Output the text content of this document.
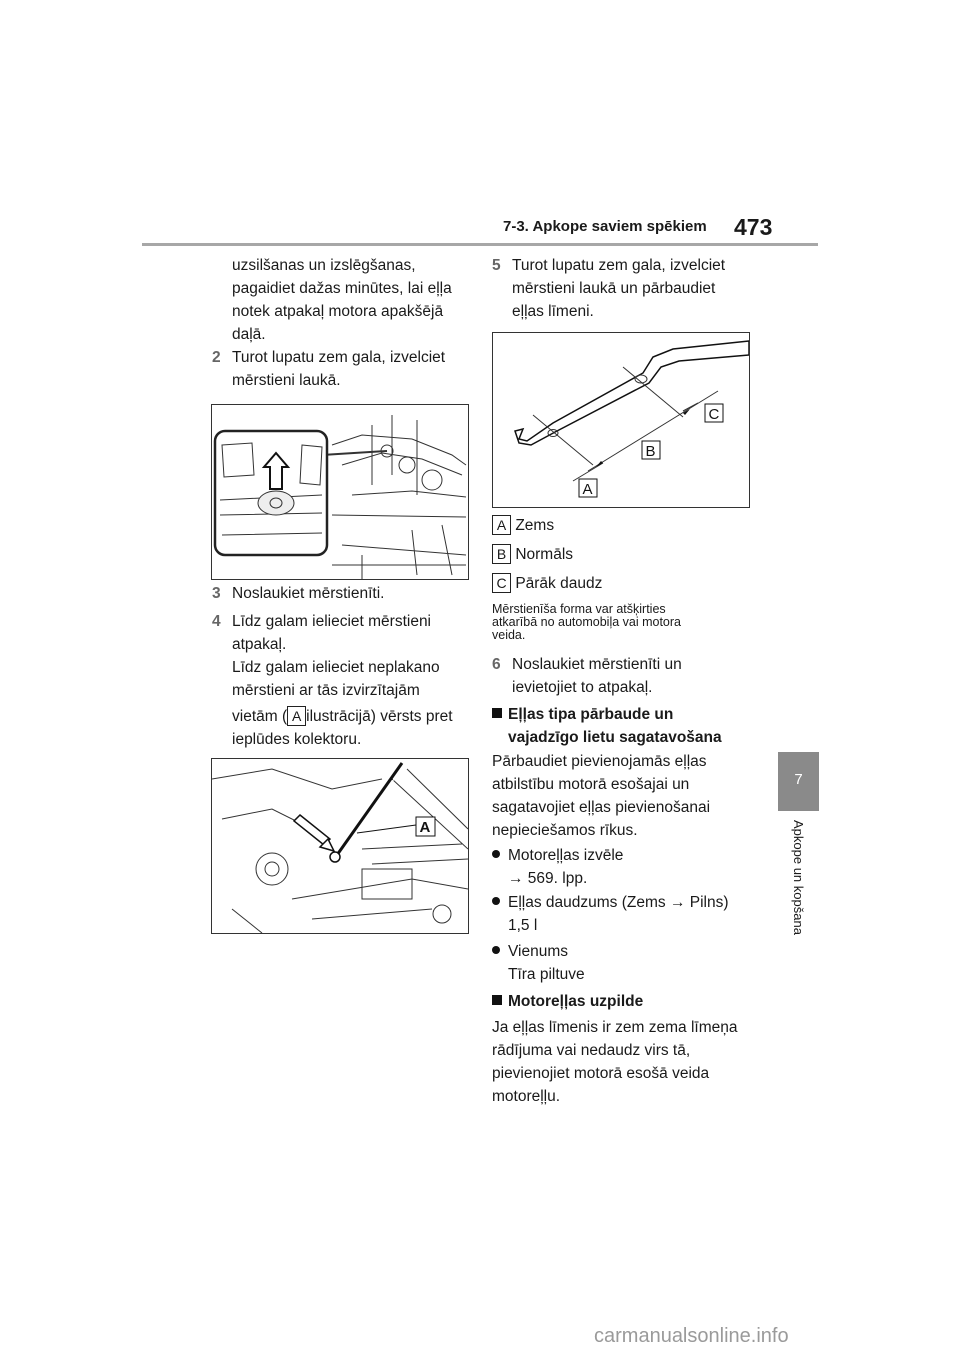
7-3. Apkope saviem spēkiem 473
7
Apkope un kopšana
uzsilšanas un izslēgšanas,
pagaidiet dažas minūtes, lai eļļa
notek atpakaļ motora apakšējā
daļā.
2 Turot lupatu zem gala, izvelciet
mērstieni laukā.
3 Noslaukiet mērstienīti.
4 Līdz galam ielieciet mērstieni
atpakaļ.
Līdz galam ielieciet neplakano
mērstieni ar tās izvirzītajām
vietām ( A ilustrācijā) vērsts pret
ieplūdes kolektoru.
A
5 Turot lupatu zem gala, izvelciet
mērstieni laukā un pārbaudiet
eļļas līmeni.
C
B
A
A Zems
B Normāls
C Pārāk daudz
Mērstienīša forma var atšķirties
atkarībā no automobiļa vai motora
veida.
6 Noslaukiet mērstienīti un
ievietojiet to atpakaļ.
Eļļas tipa pārbaude un
vajadzīgo lietu sagatavošana
Pārbaudiet pievienojamās eļļas
atbilstību motorā esošajai un
sagatavojiet eļļas pievienošanai
nepieciešamos rīkus.
Motoreļļas izvēle
→ 569. lpp.
Eļļas daudzums (Zems → Pilns)
1,5 l
Vienums
Tīra piltuve
Motoreļļas uzpilde
Ja eļļas līmenis ir zem zema līmeņa
rādījuma vai nedaudz virs tā,
pievienojiet motorā esošā veida
motoreļļu.
carmanualsonline.info
